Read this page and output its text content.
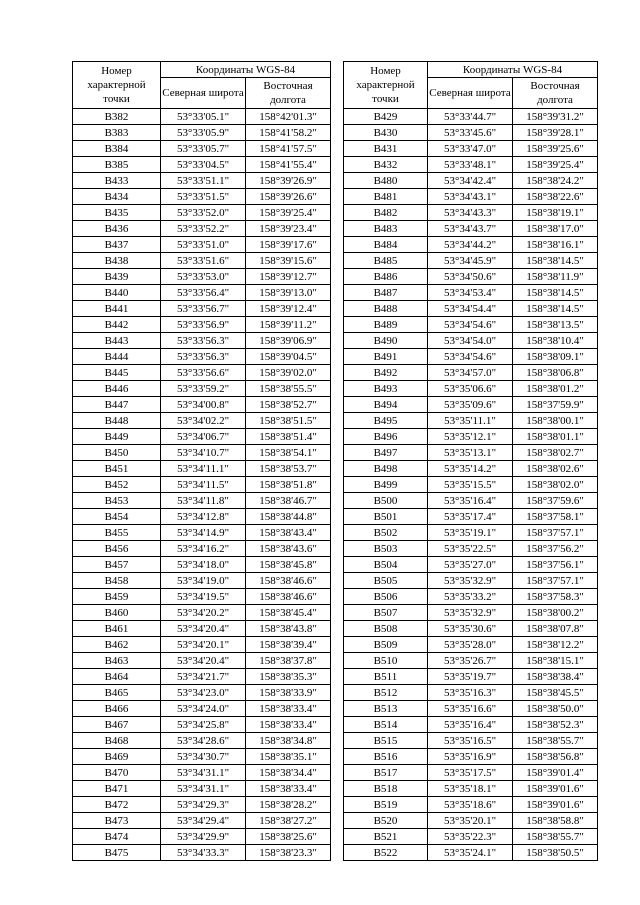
Номер характерной точки	Координаты WGS-84	
	Северная широта	Восточная долгота
В382	53°33'05.1"	158°42'01.3"
В383	53°33'05.9"	158°41'58.2"
В384	53°33'05.7"	158°41'57.5"
В385	53°33'04.5"	158°41'55.4"
В433	53°33'51.1"	158°39'26.9"
В434	53°33'51.5"	158°39'26.6"
В435	53°33'52.0"	158°39'25.4"
В436	53°33'52.2"	158°39'23.4"
В437	53°33'51.0"	158°39'17.6"
В438	53°33'51.6"	158°39'15.6"
В439	53°33'53.0"	158°39'12.7"
В440	53°33'56.4"	158°39'13.0"
В441	53°33'56.7"	158°39'12.4"
В442	53°33'56.9"	158°39'11.2"
В443	53°33'56.3"	158°39'06.9"
В444	53°33'56.3"	158°39'04.5"
В445	53°33'56.6"	158°39'02.0"
В446	53°33'59.2"	158°38'55.5"
В447	53°34'00.8"	158°38'52.7"
В448	53°34'02.2"	158°38'51.5"
В449	53°34'06.7"	158°38'51.4"
В450	53°34'10.7"	158°38'54.1"
В451	53°34'11.1"	158°38'53.7"
В452	53°34'11.5"	158°38'51.8"
В453	53°34'11.8"	158°38'46.7"
В454	53°34'12.8"	158°38'44.8"
В455	53°34'14.9"	158°38'43.4"
В456	53°34'16.2"	158°38'43.6"
В457	53°34'18.0"	158°38'45.8"
В458	53°34'19.0"	158°38'46.6"
В459	53°34'19.5"	158°38'46.6"
В460	53°34'20.2"	158°38'45.4"
В461	53°34'20.4"	158°38'43.8"
В462	53°34'20.1"	158°38'39.4"
В463	53°34'20.4"	158°38'37.8"
В464	53°34'21.7"	158°38'35.3"
В465	53°34'23.0"	158°38'33.9"
В466	53°34'24.0"	158°38'33.4"
В467	53°34'25.8"	158°38'33.4"
В468	53°34'28.6"	158°38'34.8"
В469	53°34'30.7"	158°38'35.1"
В470	53°34'31.1"	158°38'34.4"
В471	53°34'31.1"	158°38'33.4"
В472	53°34'29.3"	158°38'28.2"
В473	53°34'29.4"	158°38'27.2"
В474	53°34'29.9"	158°38'25.6"
В475	53°34'33.3"	158°38'23.3"
Номер характерной точки	Координаты WGS-84	
	Северная широта	Восточная долгота
В429	53°33'44.7"	158°39'31.2"
В430	53°33'45.6"	158°39'28.1"
В431	53°33'47.0"	158°39'25.6"
В432	53°33'48.1"	158°39'25.4"
В480	53°34'42.4"	158°38'24.2"
В481	53°34'43.1"	158°38'22.6"
В482	53°34'43.3"	158°38'19.1"
В483	53°34'43.7"	158°38'17.0"
В484	53°34'44.2"	158°38'16.1"
В485	53°34'45.9"	158°38'14.5"
В486	53°34'50.6"	158°38'11.9"
В487	53°34'53.4"	158°38'14.5"
В488	53°34'54.4"	158°38'14.5"
В489	53°34'54.6"	158°38'13.5"
В490	53°34'54.0"	158°38'10.4"
В491	53°34'54.6"	158°38'09.1"
В492	53°34'57.0"	158°38'06.8"
В493	53°35'06.6"	158°38'01.2"
В494	53°35'09.6"	158°37'59.9"
В495	53°35'11.1"	158°38'00.1"
В496	53°35'12.1"	158°38'01.1"
В497	53°35'13.1"	158°38'02.7"
В498	53°35'14.2"	158°38'02.6"
В499	53°35'15.5"	158°38'02.0"
В500	53°35'16.4"	158°37'59.6"
В501	53°35'17.4"	158°37'58.1"
В502	53°35'19.1"	158°37'57.1"
В503	53°35'22.5"	158°37'56.2"
В504	53°35'27.0"	158°37'56.1"
В505	53°35'32.9"	158°37'57.1"
В506	53°35'33.2"	158°37'58.3"
В507	53°35'32.9"	158°38'00.2"
В508	53°35'30.6"	158°38'07.8"
В509	53°35'28.0"	158°38'12.2"
В510	53°35'26.7"	158°38'15.1"
В511	53°35'19.7"	158°38'38.4"
В512	53°35'16.3"	158°38'45.5"
В513	53°35'16.6"	158°38'50.0"
В514	53°35'16.4"	158°38'52.3"
В515	53°35'16.5"	158°38'55.7"
В516	53°35'16.9"	158°38'56.8"
В517	53°35'17.5"	158°39'01.4"
В518	53°35'18.1"	158°39'01.6"
В519	53°35'18.6"	158°39'01.6"
В520	53°35'20.1"	158°38'58.8"
В521	53°35'22.3"	158°38'55.7"
В522	53°35'24.1"	158°38'50.5"
